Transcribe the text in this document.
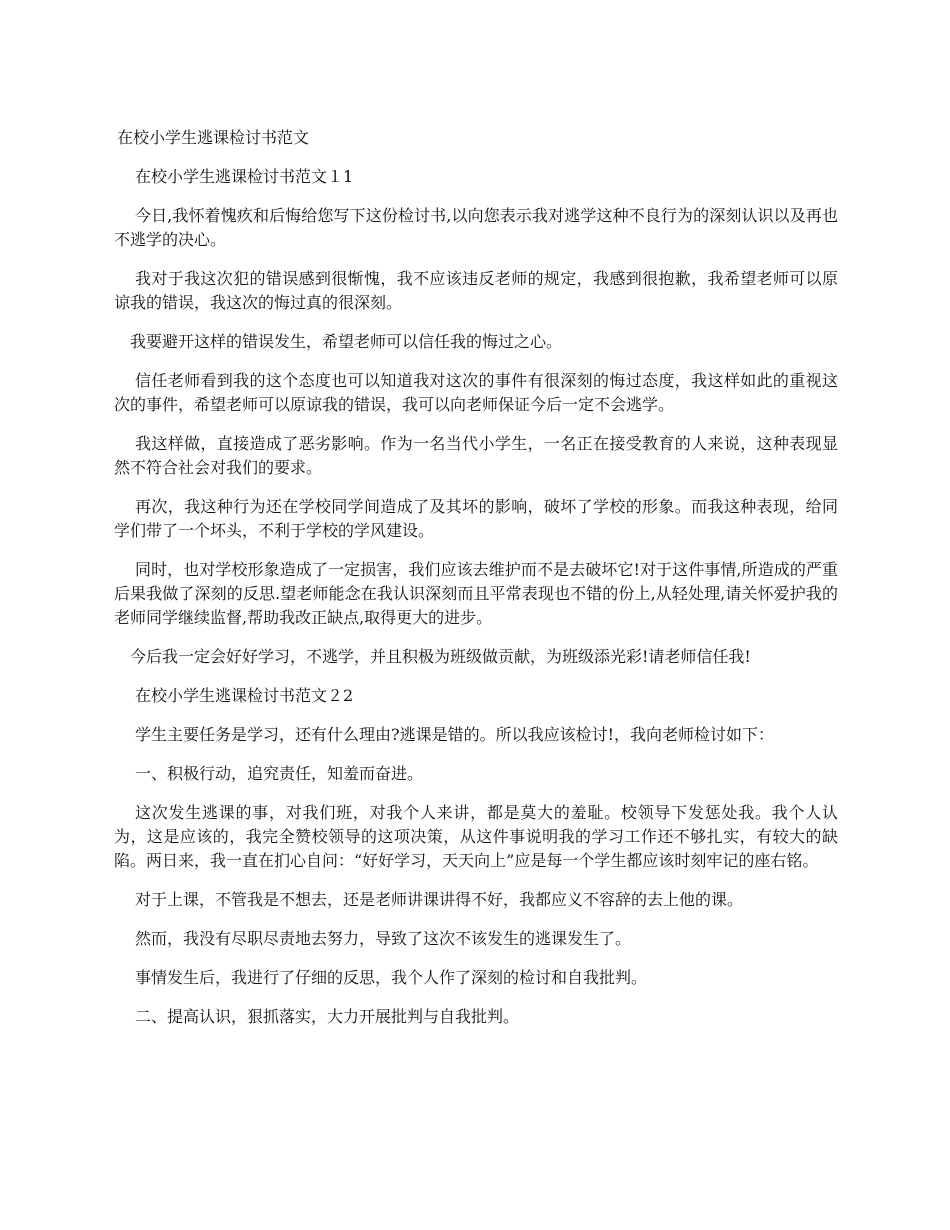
在校小学生逃课检讨书范文

在校小学生逃课检讨书范文１1

今日,我怀着愧疚和后悔给您写下这份检讨书,以向您表示我对逃学这种不良行为的深刻认识以及再也不逃学的决心。

我对于我这次犯的错误感到很惭愧，我不应该违反老师的规定，我感到很抱歉，我希望老师可以原谅我的错误，我这次的悔过真的很深刻。

我要避开这样的错误发生，希望老师可以信任我的悔过之心。

信任老师看到我的这个态度也可以知道我对这次的事件有很深刻的悔过态度，我这样如此的重视这次的事件，希望老师可以原谅我的错误，我可以向老师保证今后一定不会逃学。

我这样做，直接造成了恶劣影响。作为一名当代小学生，一名正在接受教育的人来说，这种表现显然不符合社会对我们的要求。

再次，我这种行为还在学校同学间造成了及其坏的影响，破坏了学校的形象。而我这种表现，给同学们带了一个坏头，不利于学校的学风建设。

同时，也对学校形象造成了一定损害，我们应该去维护而不是去破坏它!对于这件事情,所造成的严重后果我做了深刻的反思.望老师能念在我认识深刻而且平常表现也不错的份上,从轻处理,请关怀爱护我的老师同学继续监督,帮助我改正缺点,取得更大的进步。

今后我一定会好好学习，不逃学，并且积极为班级做贡献，为班级添光彩!请老师信任我!

在校小学生逃课检讨书范文２2

学生主要任务是学习，还有什么理由?逃课是错的。所以我应该检讨!，我向老师检讨如下：

一、积极行动，追究责任，知羞而奋进。

这次发生逃课的事，对我们班，对我个人来讲，都是莫大的羞耻。校领导下发惩处我。我个人认为，这是应该的，我完全赞校领导的这项决策，从这件事说明我的学习工作还不够扎实，有较大的缺陷。两日来，我一直在扪心自问：“好好学习，天天向上”应是每一个学生都应该时刻牢记的座右铭。

对于上课，不管我是不想去，还是老师讲课讲得不好，我都应义不容辞的去上他的课。

然而，我没有尽职尽责地去努力，导致了这次不该发生的逃课发生了。

事情发生后，我进行了仔细的反思，我个人作了深刻的检讨和自我批判。

二、提高认识，狠抓落实，大力开展批判与自我批判。
